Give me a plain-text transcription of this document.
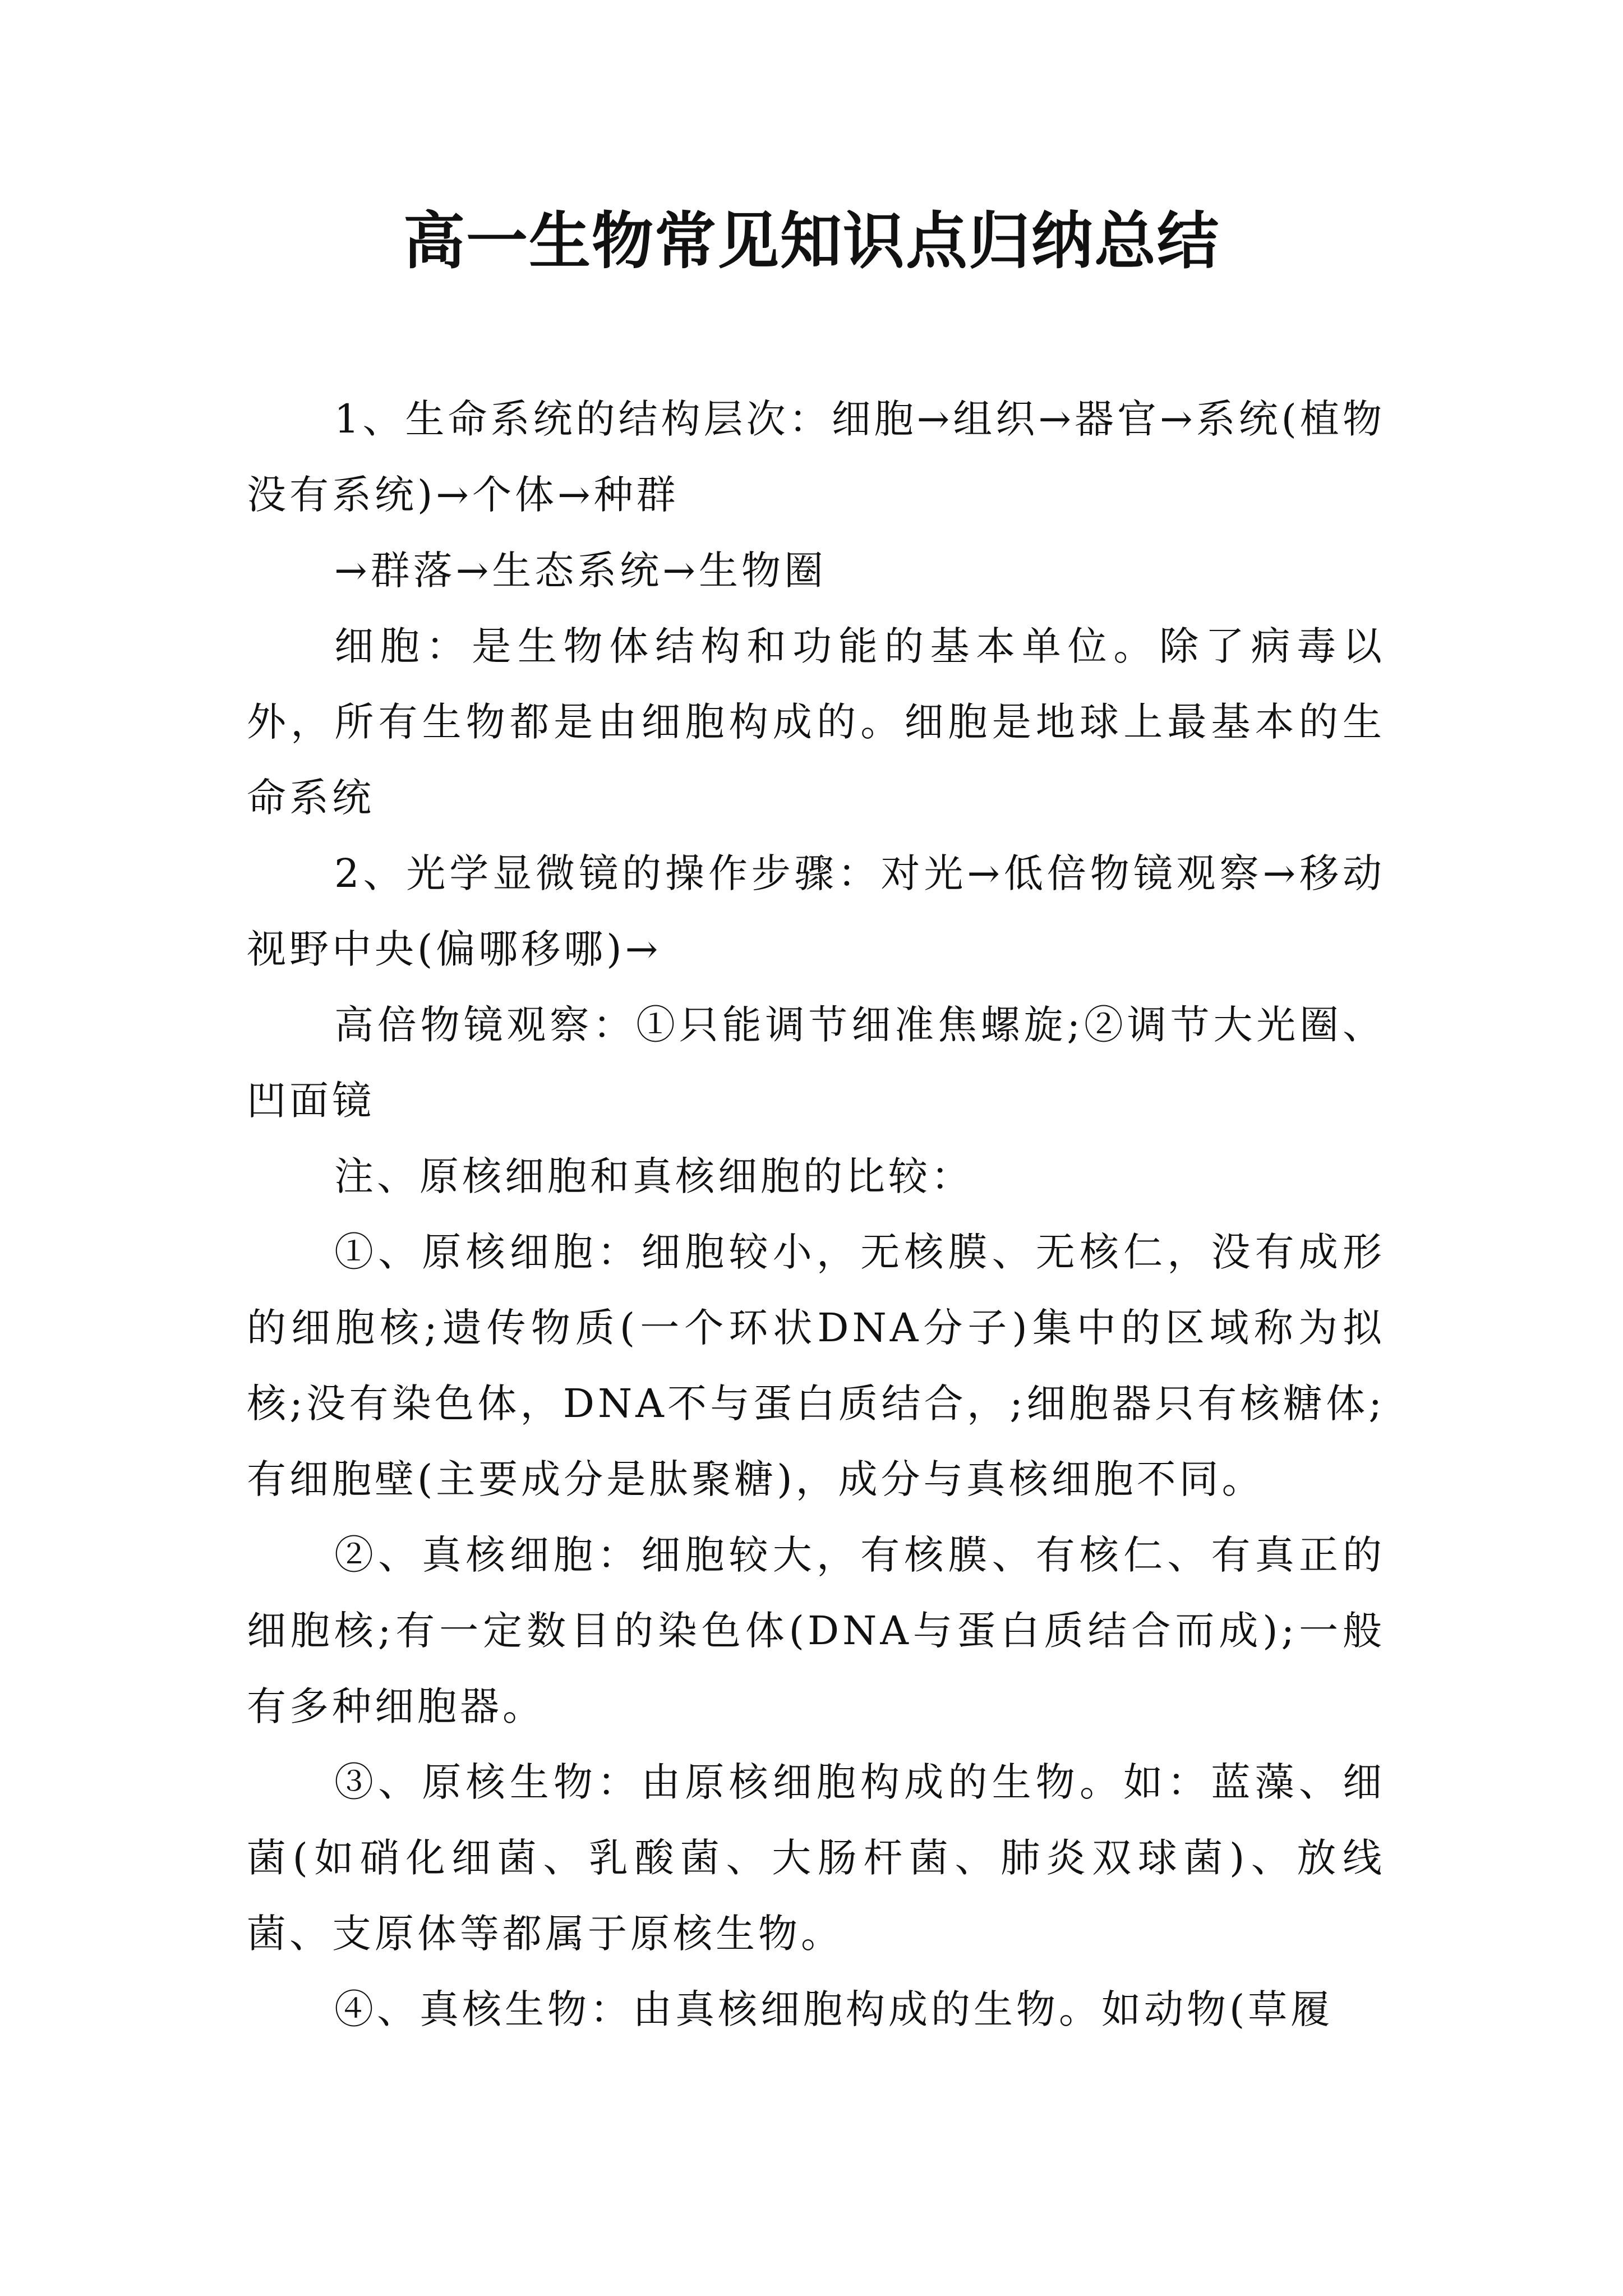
高一生物常见知识点归纳总结

1、生命系统的结构层次：细胞→组织→器官→系统(植物没有系统)→个体→种群

→群落→生态系统→生物圈

细胞：是生物体结构和功能的基本单位。除了病毒以外，所有生物都是由细胞构成的。细胞是地球上最基本的生命系统

2、光学显微镜的操作步骤：对光→低倍物镜观察→移动视野中央(偏哪移哪)→

高倍物镜观察：①只能调节细准焦螺旋;②调节大光圈、凹面镜

注、原核细胞和真核细胞的比较：

①、原核细胞：细胞较小，无核膜、无核仁，没有成形的细胞核;遗传物质(一个环状DNA分子)集中的区域称为拟核;没有染色体，DNA不与蛋白质结合，;细胞器只有核糖体;有细胞壁(主要成分是肽聚糖)，成分与真核细胞不同。

②、真核细胞：细胞较大，有核膜、有核仁、有真正的细胞核;有一定数目的染色体(DNA与蛋白质结合而成);一般有多种细胞器。

③、原核生物：由原核细胞构成的生物。如：蓝藻、细菌(如硝化细菌、乳酸菌、大肠杆菌、肺炎双球菌)、放线菌、支原体等都属于原核生物。

④、真核生物：由真核细胞构成的生物。如动物(草履
